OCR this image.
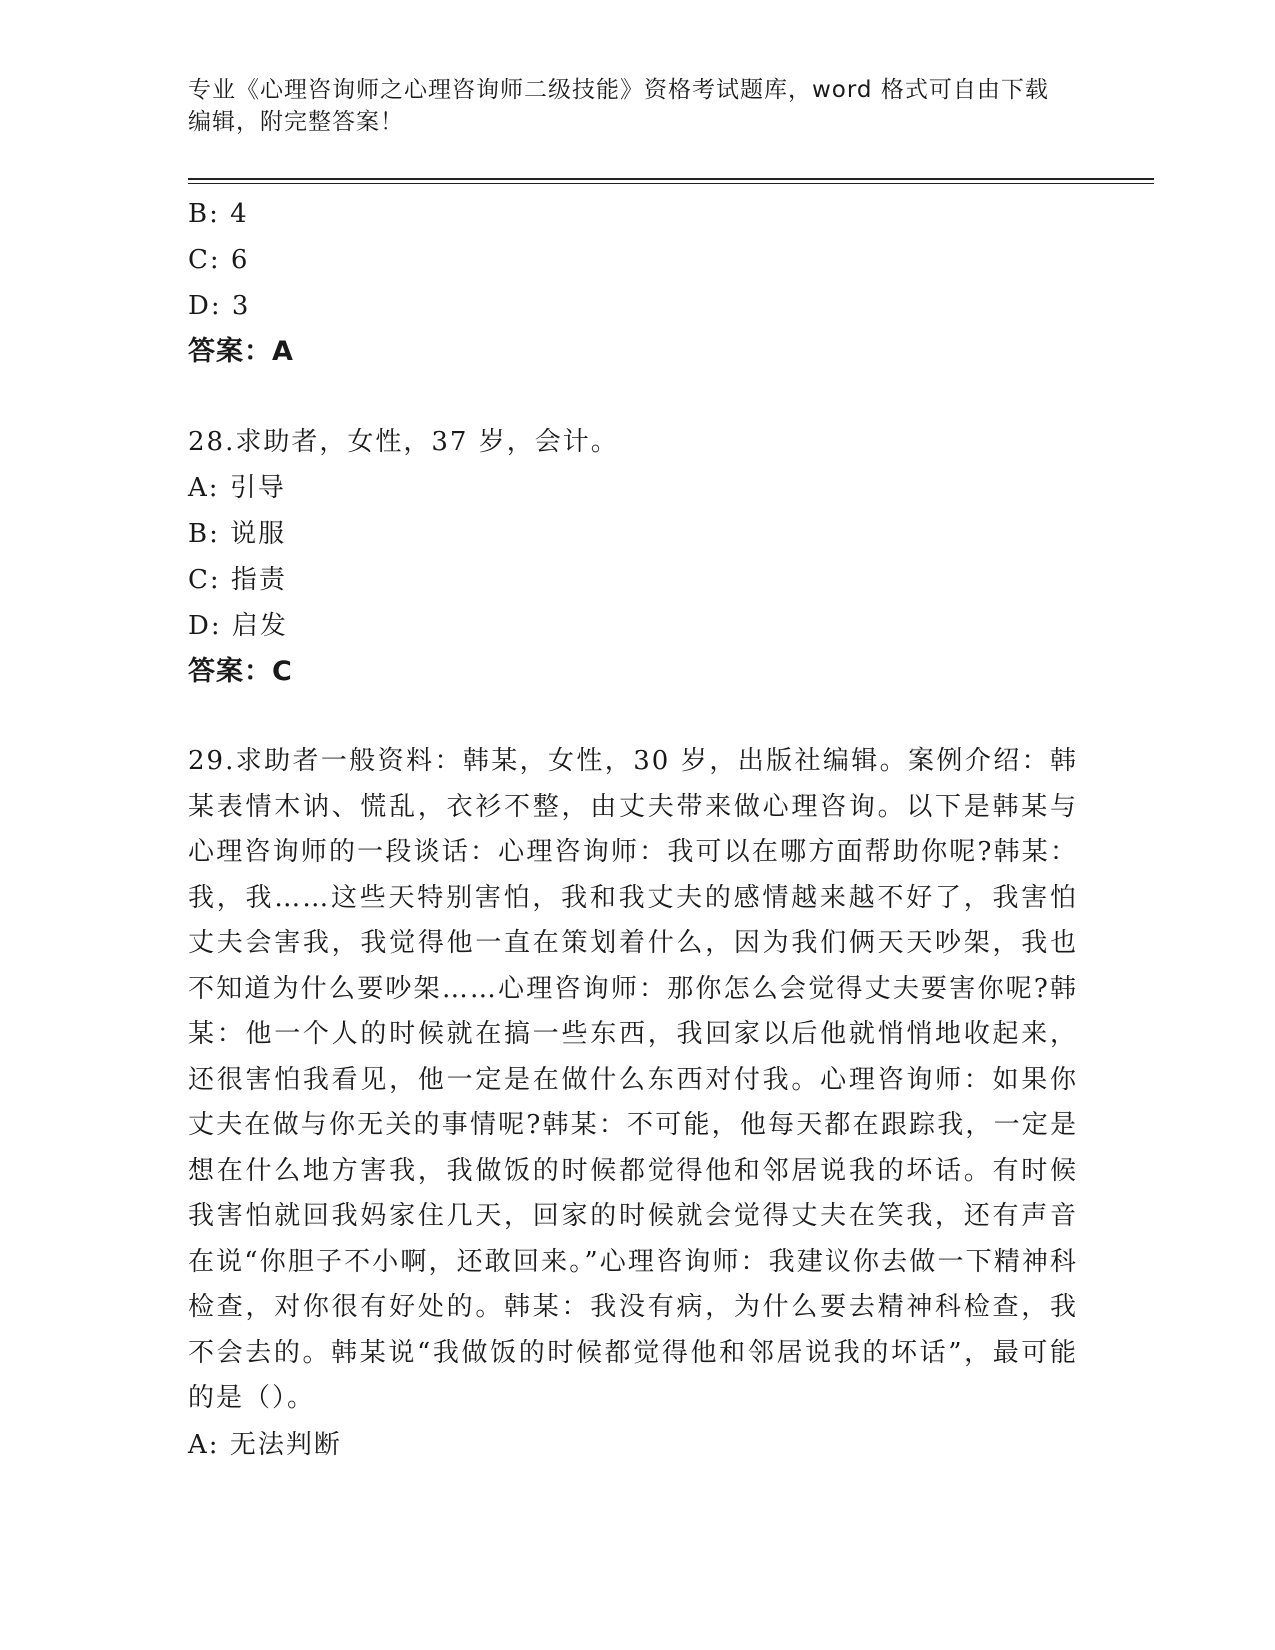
专业《心理咨询师之心理咨询师二级技能》资格考试题库，word 格式可自由下载
编辑，附完整答案！
B: 4
C: 6
D: 3
答案：A
28.求助者，女性，37 岁，会计。
A: 引导
B: 说服
C: 指责
D: 启发
答案：C
29.求助者一般资料：韩某，女性，30 岁，出版社编辑。案例介绍：韩某表情木讷、慌乱，衣衫不整，由丈夫带来做心理咨询。以下是韩某与心理咨询师的一段谈话：心理咨询师：我可以在哪方面帮助你呢?韩某：我，我……这些天特别害怕，我和我丈夫的感情越来越不好了，我害怕丈夫会害我，我觉得他一直在策划着什么，因为我们俩天天吵架，我也不知道为什么要吵架……心理咨询师：那你怎么会觉得丈夫要害你呢?韩某：他一个人的时候就在搞一些东西，我回家以后他就悄悄地收起来，还很害怕我看见，他一定是在做什么东西对付我。心理咨询师：如果你丈夫在做与你无关的事情呢?韩某：不可能，他每天都在跟踪我，一定是想在什么地方害我，我做饭的时候都觉得他和邻居说我的坏话。有时候我害怕就回我妈家住几天，回家的时候就会觉得丈夫在笑我，还有声音在说“你胆子不小啊，还敢回来。”心理咨询师：我建议你去做一下精神科检查，对你很有好处的。韩某：我没有病，为什么要去精神科检查，我不会去的。韩某说“我做饭的时候都觉得他和邻居说我的坏话”，最可能的是（）。
A: 无法判断
